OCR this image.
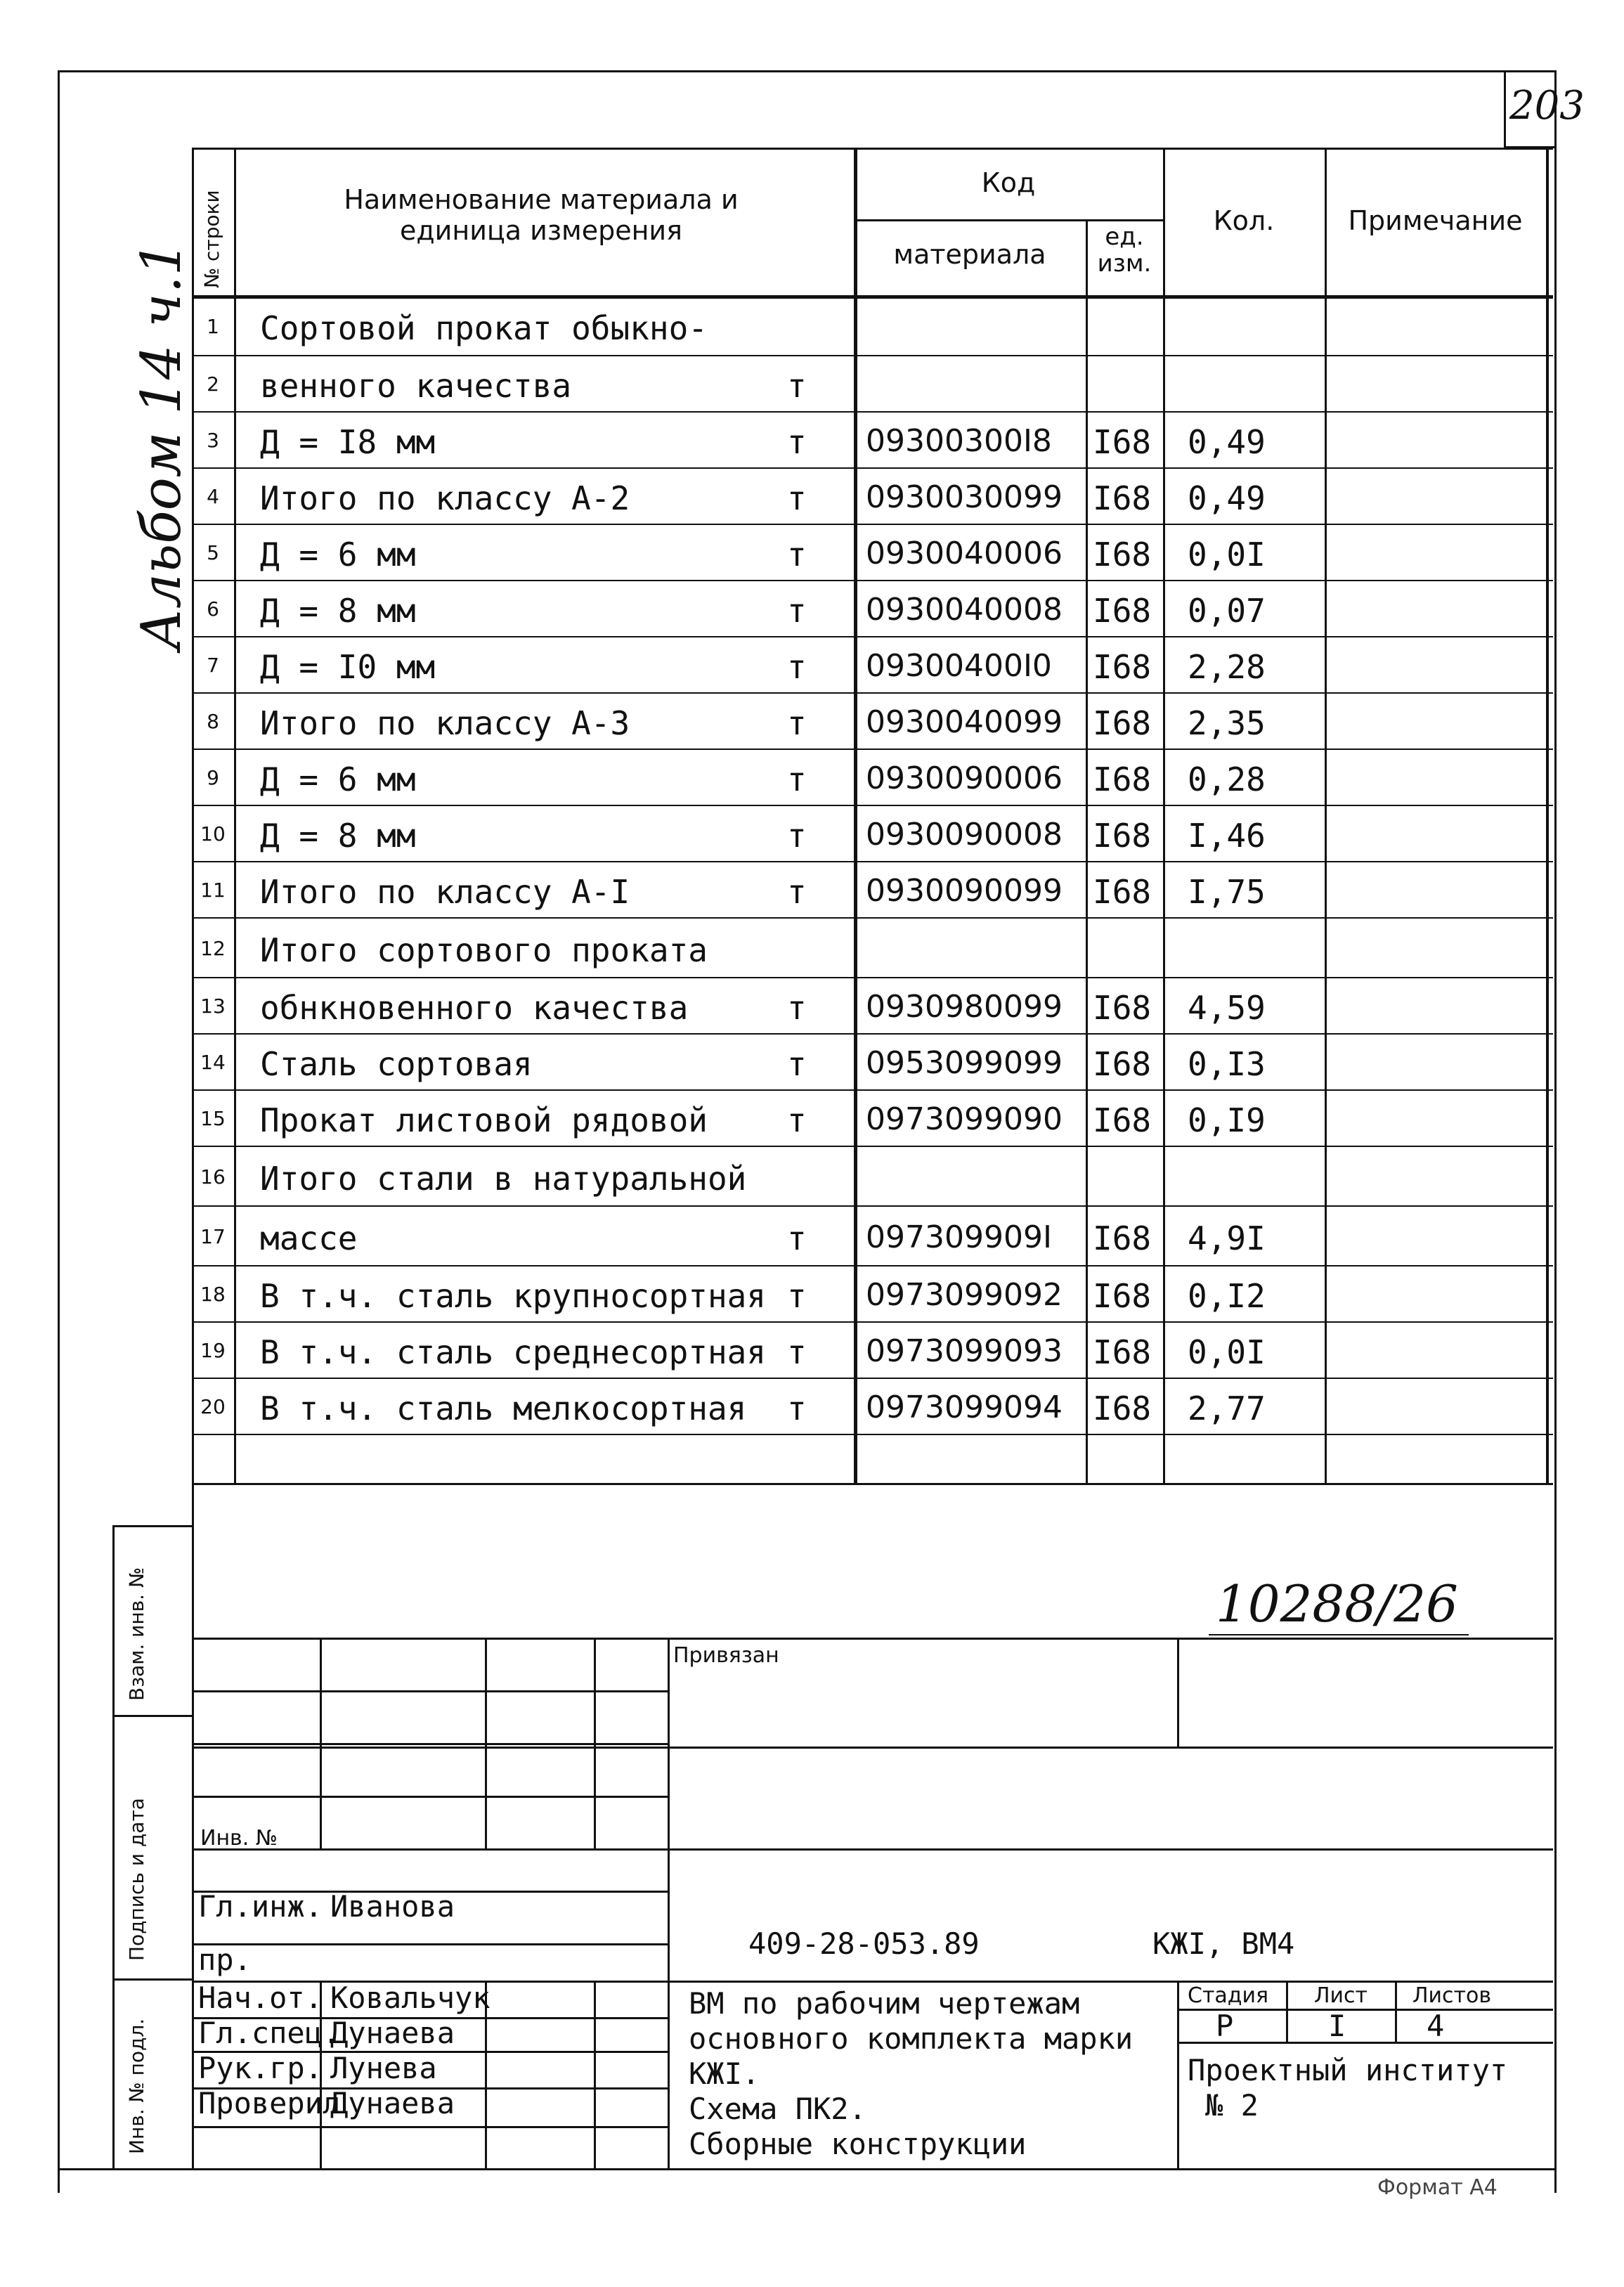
203
Альбом 14 ч.1
№ строки	Наименование материала и единица измерения
Код
материала
ед. изм.
Кол.	Примечание
1 Сортовой прокат обыкно-
2 венного качества	т
3 Д = I8 мм	т 09300300I8 I68 0,49
4 Итого по классу А-2	т 0930030099 I68 0,49
5 Д = 6 мм	т 0930040006 I68 0,0I
6 Д = 8 мм	т 0930040008 I68 0,07
7 Д = I0 мм	т 09300400I0 I68 2,28
8 Итого по классу А-3	т 0930040099 I68 2,35
9 Д = 6 мм	т 0930090006 I68 0,28
10 Д = 8 мм	т 0930090008 I68 I,46
11 Итого по классу А-I	т 0930090099 I68 I,75
12 Итого сортового проката
13 обнкновенного качества	т 0930980099 I68 4,59
14 Сталь сортовая	т 0953099099 I68 0,I3
15 Прокат листовой рядовой т 0973099090 I68 0,I9
16 Итого стали в натуральной
17 массе	т 097309909I I68 4,9I
18 В т.ч. сталь крупносортная т 0973099092 I68 0,I2
19 В т.ч. сталь среднесортная т 0973099093 I68 0,0I
20 В т.ч. сталь мелкосортная т 0973099094 I68 2,77
10288/26
Взам. инв. №
Подпись и дата
Инв. № подл.
Привязан
Инв. №
Гл.инж. Иванова
пр.
Нач.от. Ковальчук
Гл.спец.
Дунаева
Рук.гр. Лунева
Проверил
Дунаева
409-28-053.89	КЖI, ВМ4
ВМ по рабочим чертежам
основного комплекта марки
КЖI.
Схема ПК2.
Сборные конструкции
Стадия Лист Листов
Р	I	4
Проектный институт
№ 2
Формат А4
